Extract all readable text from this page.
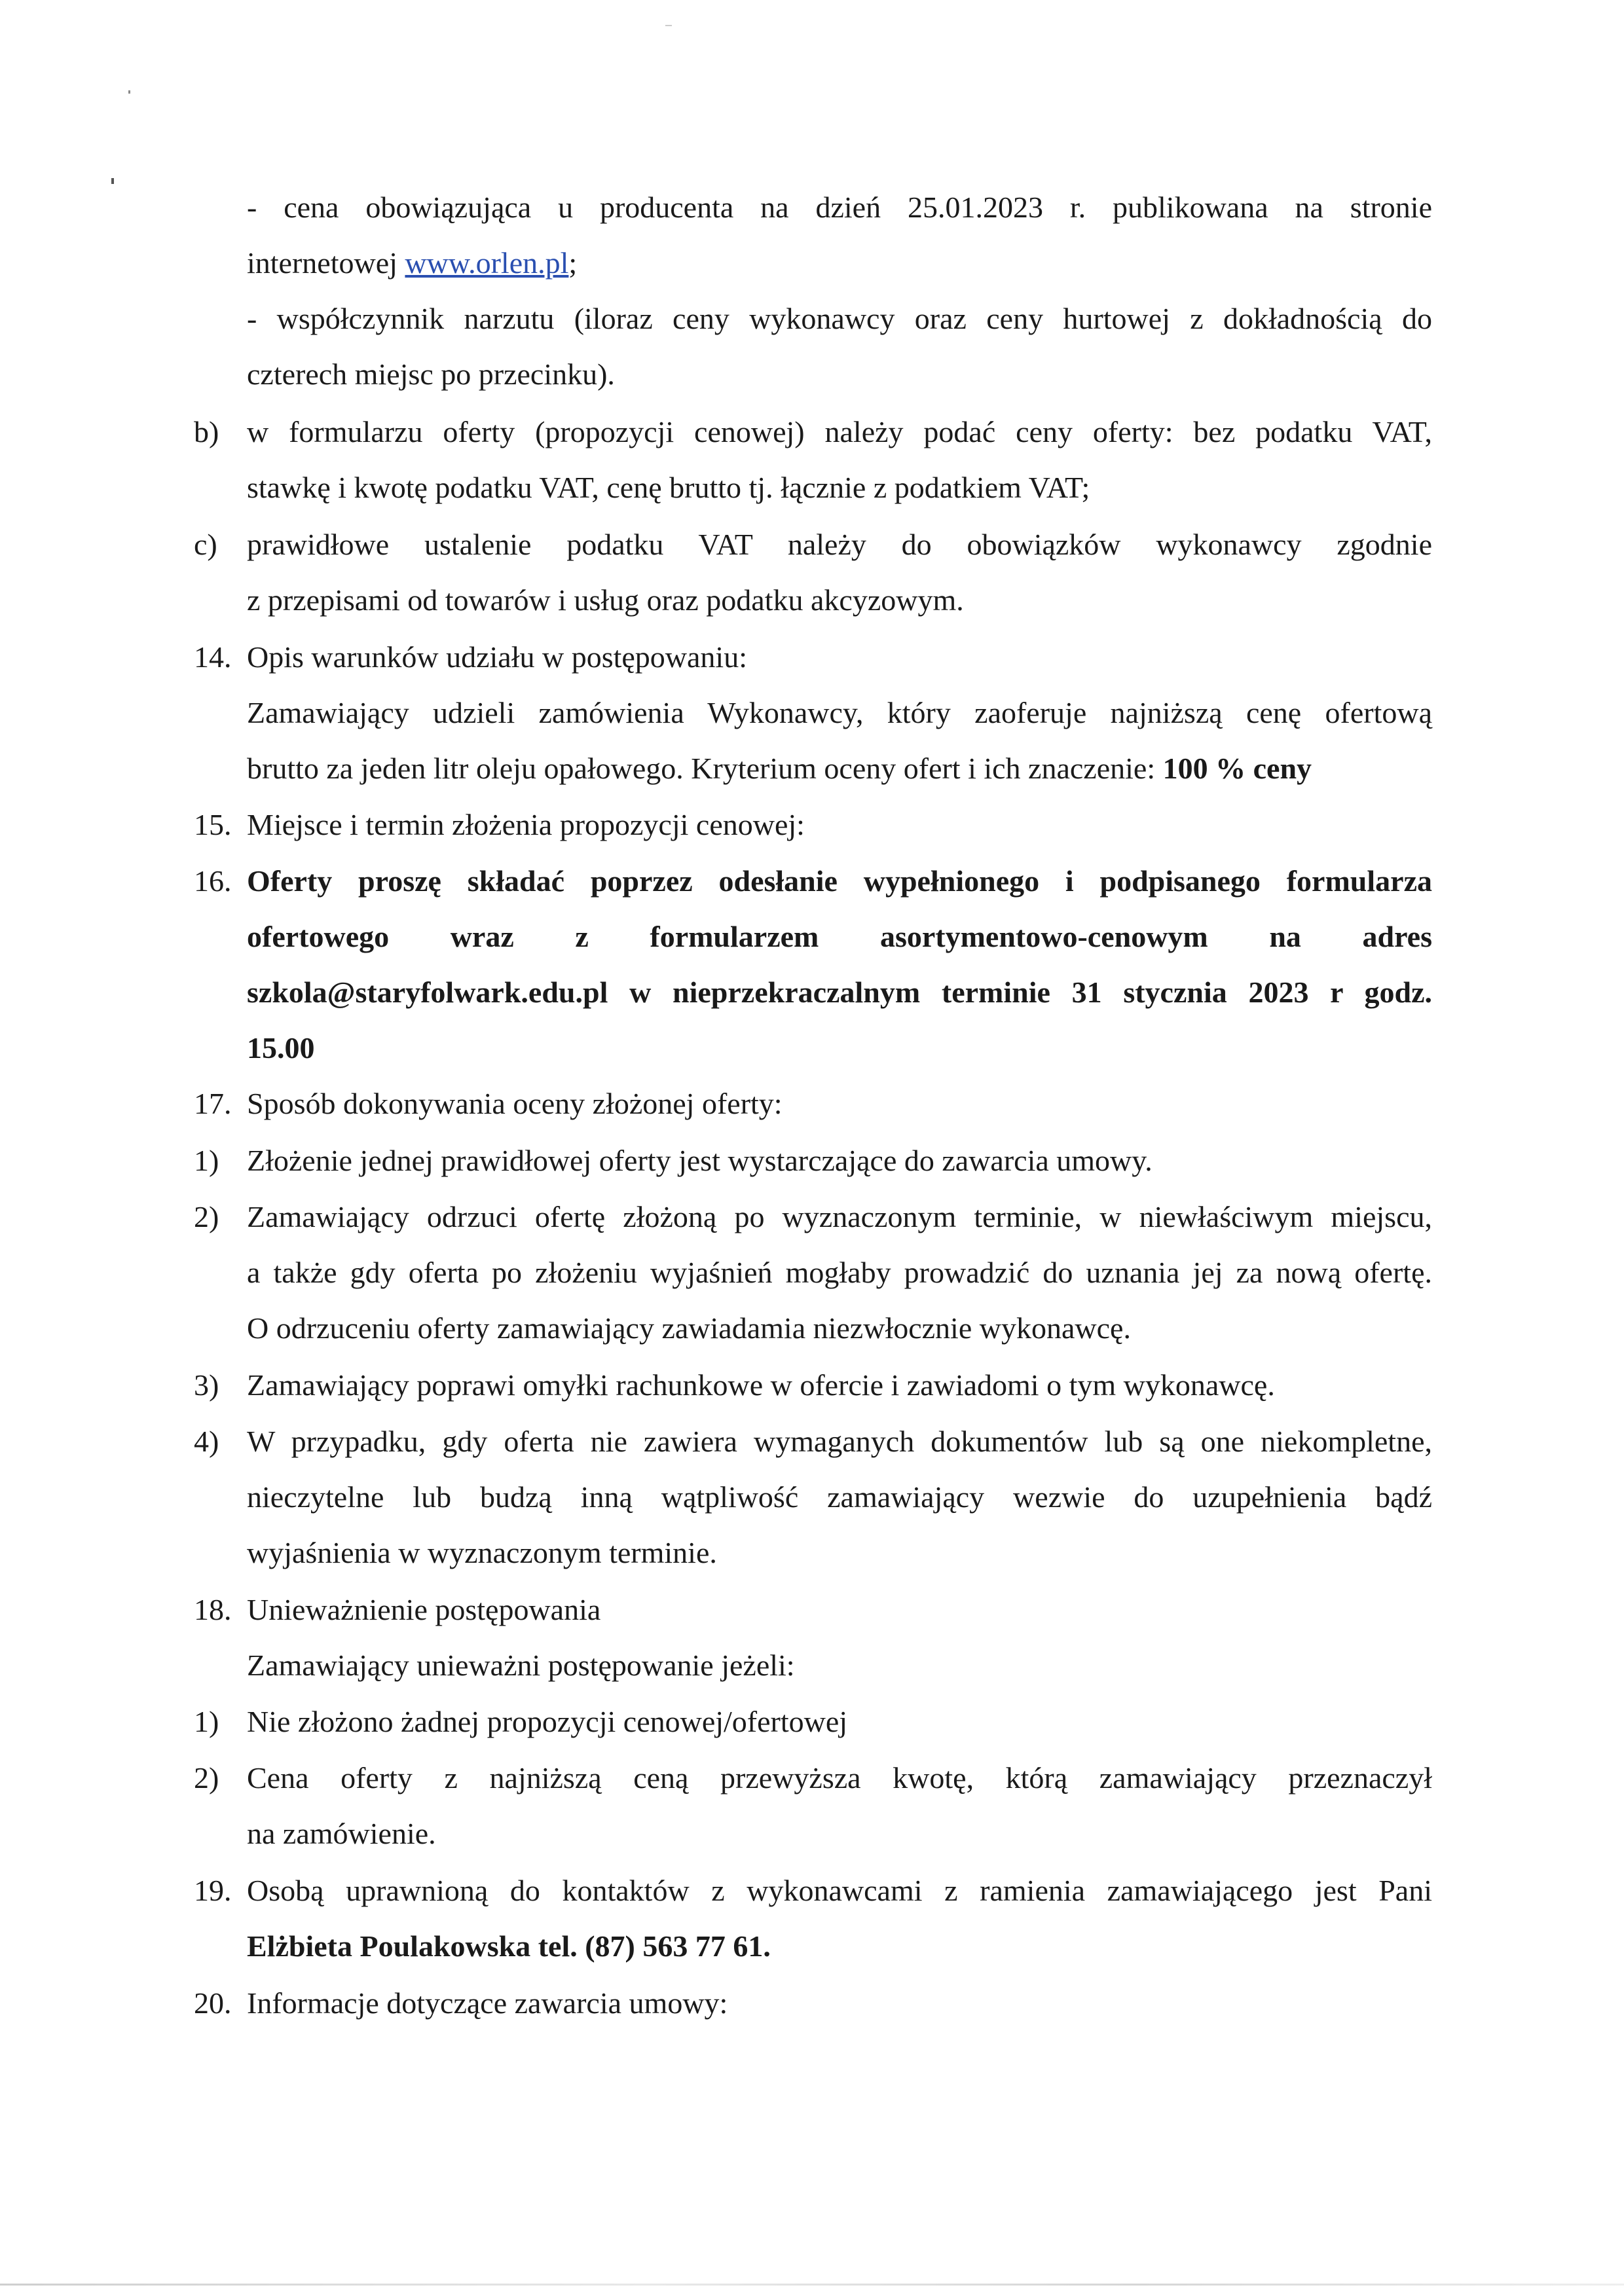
- cena obowiązująca u producenta na dzień 25.01.2023 r. publikowana na stronie
internetowej www.orlen.pl;
- współczynnik narzutu (iloraz ceny wykonawcy oraz ceny hurtowej z dokładnością do
czterech miejsc po przecinku).
b) w formularzu oferty (propozycji cenowej) należy podać ceny oferty: bez podatku VAT,
stawkę i kwotę podatku VAT, cenę brutto tj. łącznie z podatkiem VAT;
c) prawidłowe ustalenie podatku VAT należy do obowiązków wykonawcy zgodnie
z przepisami od towarów i usług oraz podatku akcyzowym.
14. Opis warunków udziału w postępowaniu:
Zamawiający udzieli zamówienia Wykonawcy, który zaoferuje najniższą cenę ofertową
brutto za jeden litr oleju opałowego. Kryterium oceny ofert i ich znaczenie: 100 % ceny
15. Miejsce i termin złożenia propozycji cenowej:
16. Oferty proszę składać poprzez odesłanie wypełnionego i podpisanego formularza
ofertowego wraz z formularzem asortymentowo-cenowym na adres
szkola@staryfolwark.edu.pl w nieprzekraczalnym terminie 31 stycznia 2023 r godz.
15.00
17. Sposób dokonywania oceny złożonej oferty:
1) Złożenie jednej prawidłowej oferty jest wystarczające do zawarcia umowy.
2) Zamawiający odrzuci ofertę złożoną po wyznaczonym terminie, w niewłaściwym miejscu,
a także gdy oferta po złożeniu wyjaśnień mogłaby prowadzić do uznania jej za nową ofertę.
O odrzuceniu oferty zamawiający zawiadamia niezwłocznie wykonawcę.
3) Zamawiający poprawi omyłki rachunkowe w ofercie i zawiadomi o tym wykonawcę.
4) W przypadku, gdy oferta nie zawiera wymaganych dokumentów lub są one niekompletne,
nieczytelne lub budzą inną wątpliwość zamawiający wezwie do uzupełnienia bądź
wyjaśnienia w wyznaczonym terminie.
18. Unieważnienie postępowania
Zamawiający unieważni postępowanie jeżeli:
1) Nie złożono żadnej propozycji cenowej/ofertowej
2) Cena oferty z najniższą ceną przewyższa kwotę, którą zamawiający przeznaczył
na zamówienie.
19. Osobą uprawnioną do kontaktów z wykonawcami z ramienia zamawiającego jest Pani
Elżbieta Poulakowska tel. (87) 563 77 61.
20. Informacje dotyczące zawarcia umowy:
